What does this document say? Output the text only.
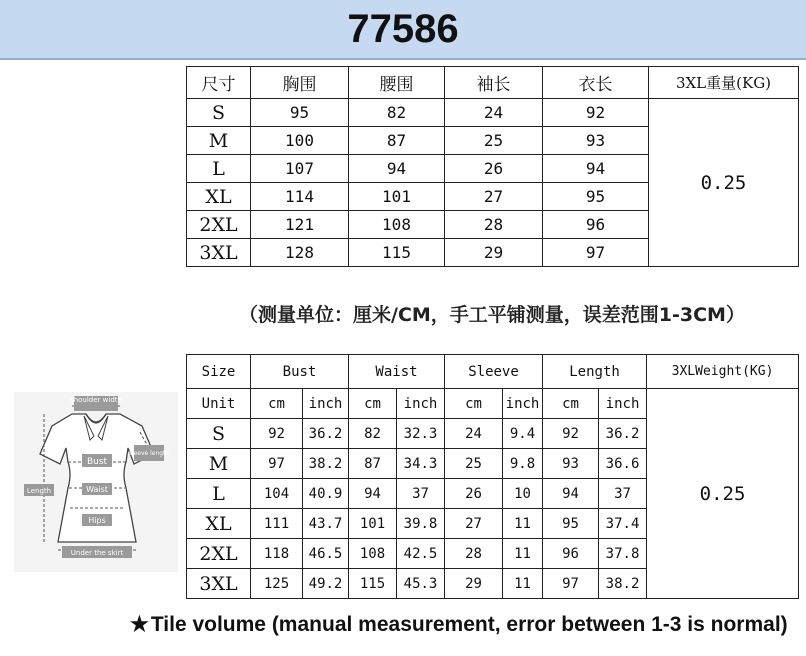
77586
尺寸	胸围	腰围	袖长	衣长	3XL重量(KG)
S	95	82	24	92	0.25
M	100	87	25	93	
L	107	94	26	94	
XL	114	101	27	95	
2XL	121	108	28	96	
3XL	128	115	29	97	
（测量单位：厘米/CM，手工平铺测量，误差范围1-3CM）
shoulder width
sleeve length
Bust
Length	Waist
Hips
Under the skirt
Size	Bust		Waist		Sleeve		Length		3XLWeight(KG)
Unit	cm	inch	cm	inch	cm	inch	cm	inch	0.25
S	92	36.2	82	32.3	24	9.4	92	36.2	
M	97	38.2	87	34.3	25	9.8	93	36.6	
L	104	40.9	94	37	26	10	94	37	
XL	111	43.7	101	39.8	27	11	95	37.4	
2XL	118	46.5	108	42.5	28	11	96	37.8	
3XL	125	49.2	115	45.3	29	11	97	38.2	
★Tile volume (manual measurement, error between 1-3 is normal)
